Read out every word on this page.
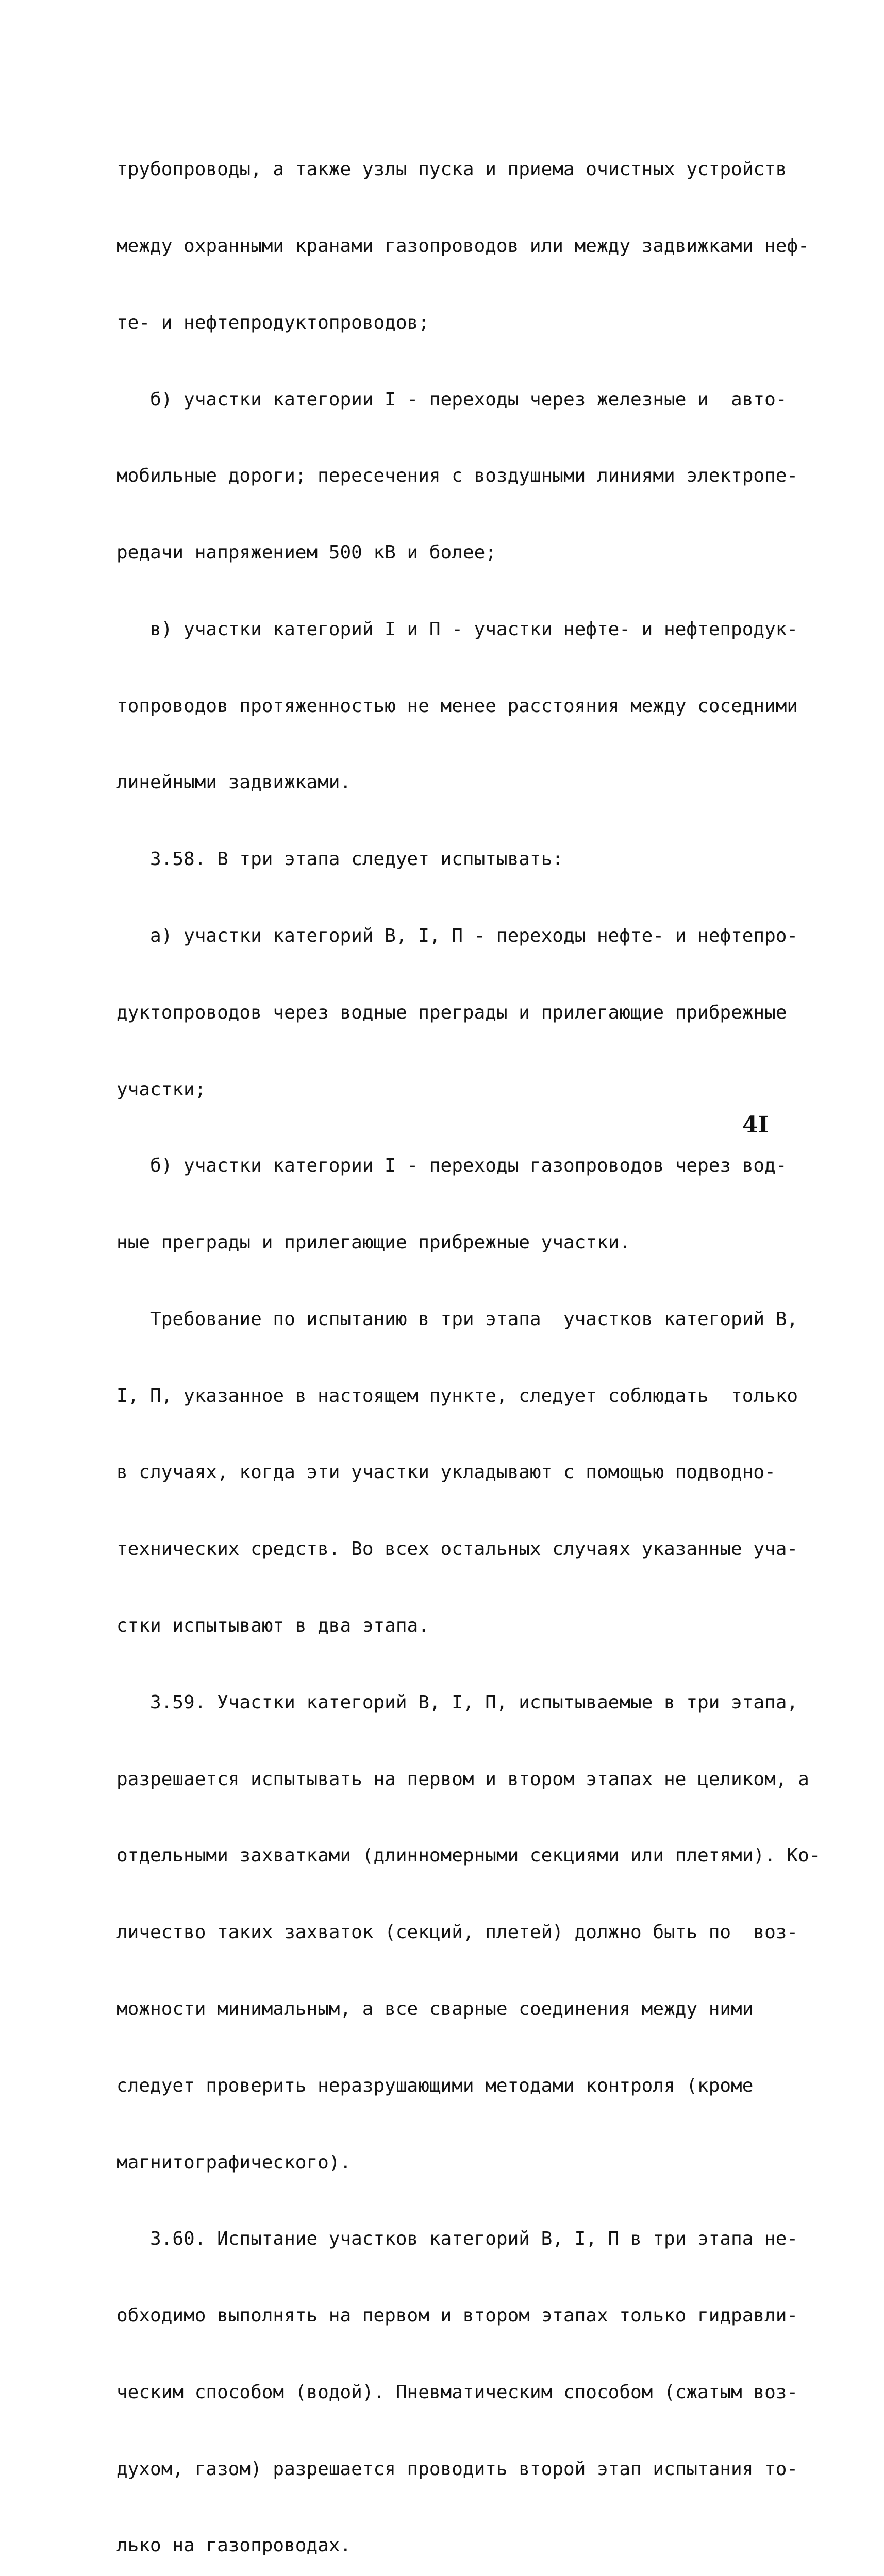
трубопроводы, а также узлы пуска и приема очистных устройств

между охранными кранами газопроводов или между задвижками неф-

те- и нефтепродуктопроводов;

б) участки категории I - переходы через железные и  авто-

мобильные дороги; пересечения с воздушными линиями электропе-

редачи напряжением 500 кВ и более;

в) участки категорий I и П - участки нефте- и нефтепродук-

топроводов протяженностью не менее расстояния между соседними

линейными задвижками.

3.58. В три этапа следует испытывать:

а) участки категорий В, I, П - переходы нефте- и нефтепро-

дуктопроводов через водные преграды и прилегающие прибрежные

участки;

б) участки категории I - переходы газопроводов через вод-

ные преграды и прилегающие прибрежные участки.

Требование по испытанию в три этапа  участков категорий В,

I, П, указанное в настоящем пункте, следует соблюдать  только

в случаях, когда эти участки укладывают с помощью подводно-

технических средств. Во всех остальных случаях указанные уча-

стки испытывают в два этапа.

3.59. Участки категорий В, I, П, испытываемые в три этапа,

разрешается испытывать на первом и втором этапах не целиком, а

отдельными захватками (длинномерными секциями или плетями). Ко-

личество таких захваток (секций, плетей) должно быть по  воз-

можности минимальным, а все сварные соединения между ними

следует проверить неразрушающими методами контроля (кроме

магнитографического).

3.60. Испытание участков категорий В, I, П в три этапа не-

обходимо выполнять на первом и втором этапах только гидравли-

ческим способом (водой). Пневматическим способом (сжатым воз-

духом, газом) разрешается проводить второй этап испытания то-

лько на газопроводах.

4I
